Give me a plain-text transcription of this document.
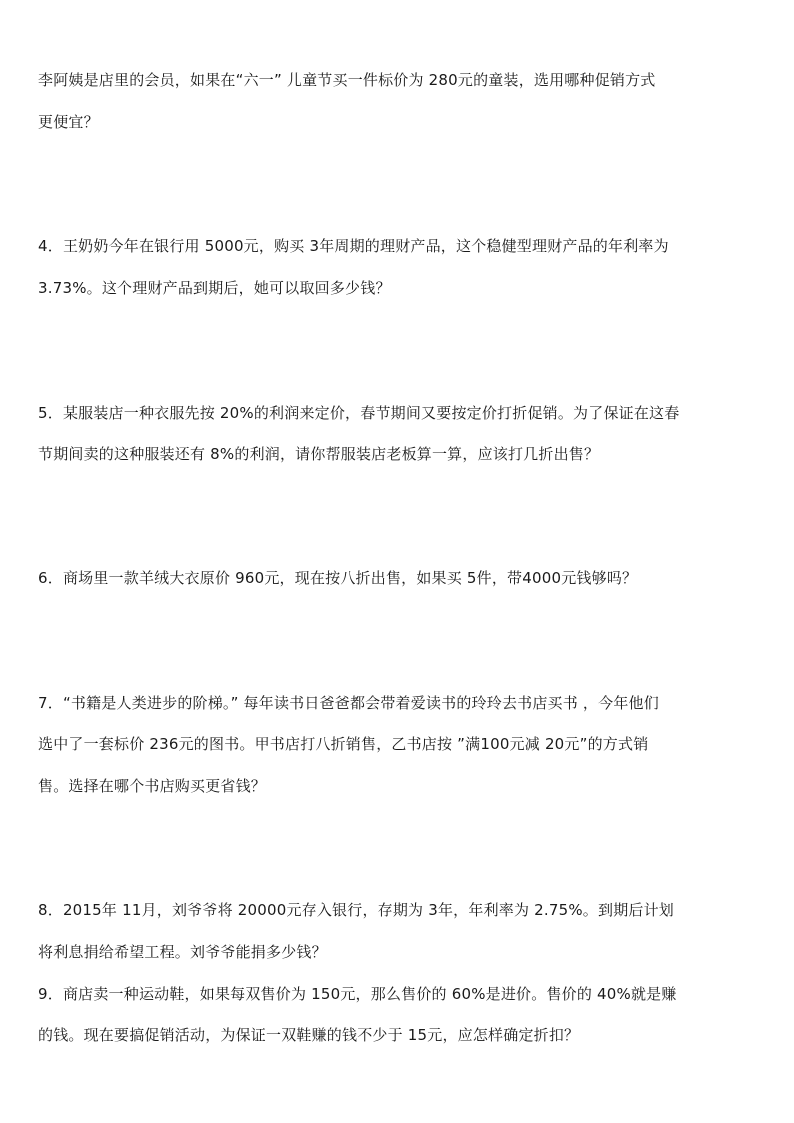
李阿姨是店里的会员，如果在“六一” 儿童节买一件标价为 280元的童装，选用哪种促销方式
更便宜？
4．王奶奶今年在银行用 5000元，购买 3年周期的理财产品，这个稳健型理财产品的年利率为
3.73%。这个理财产品到期后，她可以取回多少钱？
5．某服装店一种衣服先按 20%的利润来定价，春节期间又要按定价打折促销。为了保证在这春
节期间卖的这种服装还有 8%的利润，请你帮服装店老板算一算，应该打几折出售？
6．商场里一款羊绒大衣原价 960元，现在按八折出售，如果买 5件，带4000元钱够吗？
7．“书籍是人类进步的阶梯。” 每年读书日爸爸都会带着爱读书的玲玲去书店买书 ，今年他们
选中了一套标价 236元的图书。甲书店打八折销售，乙书店按 ”满100元减 20元”的方式销
售。选择在哪个书店购买更省钱？
8．2015年 11月，刘爷爷将 20000元存入银行，存期为 3年，年利率为 2.75%。到期后计划
将利息捐给希望工程。刘爷爷能捐多少钱？
9．商店卖一种运动鞋，如果每双售价为 150元，那么售价的 60%是进价。售价的 40%就是赚
的钱。现在要搞促销活动，为保证一双鞋赚的钱不少于 15元，应怎样确定折扣？
